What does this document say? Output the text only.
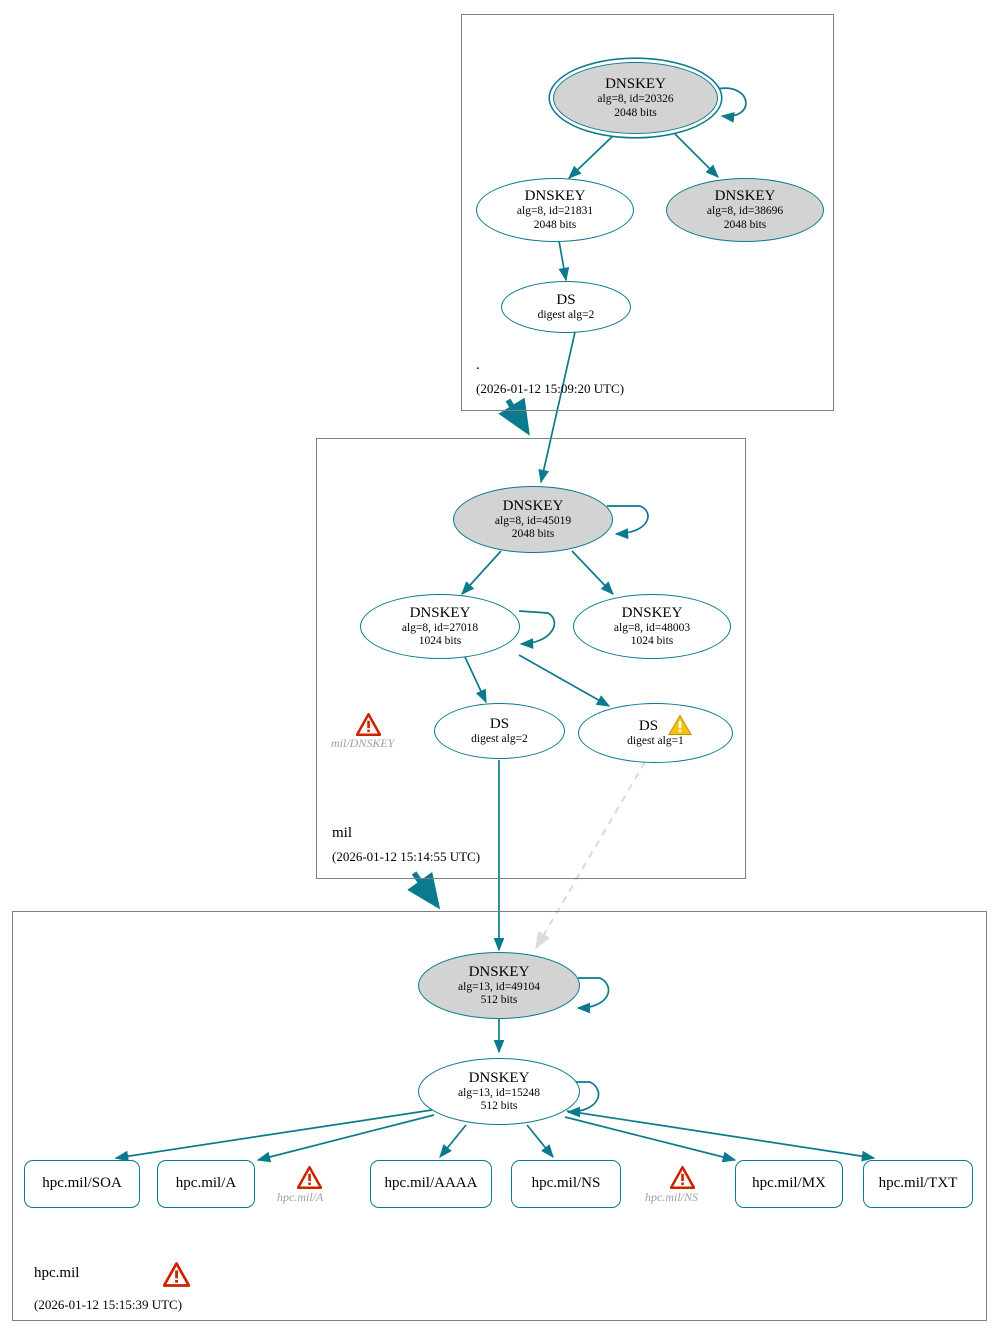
.
(2026-01-12 15:09:20 UTC)
mil
(2026-01-12 15:14:55 UTC)
hpc.mil
(2026-01-12 15:15:39 UTC)
DNSKEY
alg=8, id=20326
2048 bits
DNSKEY
alg=8, id=21831
2048 bits
DNSKEY
alg=8, id=38696
2048 bits
DS
digest alg=2
DNSKEY
alg=8, id=45019
2048 bits
DNSKEY
alg=8, id=27018
1024 bits
DNSKEY
alg=8, id=48003
1024 bits
DS
digest alg=2
DS
digest alg=1
mil/DNSKEY
DNSKEY
alg=13, id=49104
512 bits
DNSKEY
alg=13, id=15248
512 bits
hpc.mil/SOA	hpc.mil/A	hpc.mil/AAAA	hpc.mil/NS	hpc.mil/MX	hpc.mil/TXT
hpc.mil/A	hpc.mil/NS
